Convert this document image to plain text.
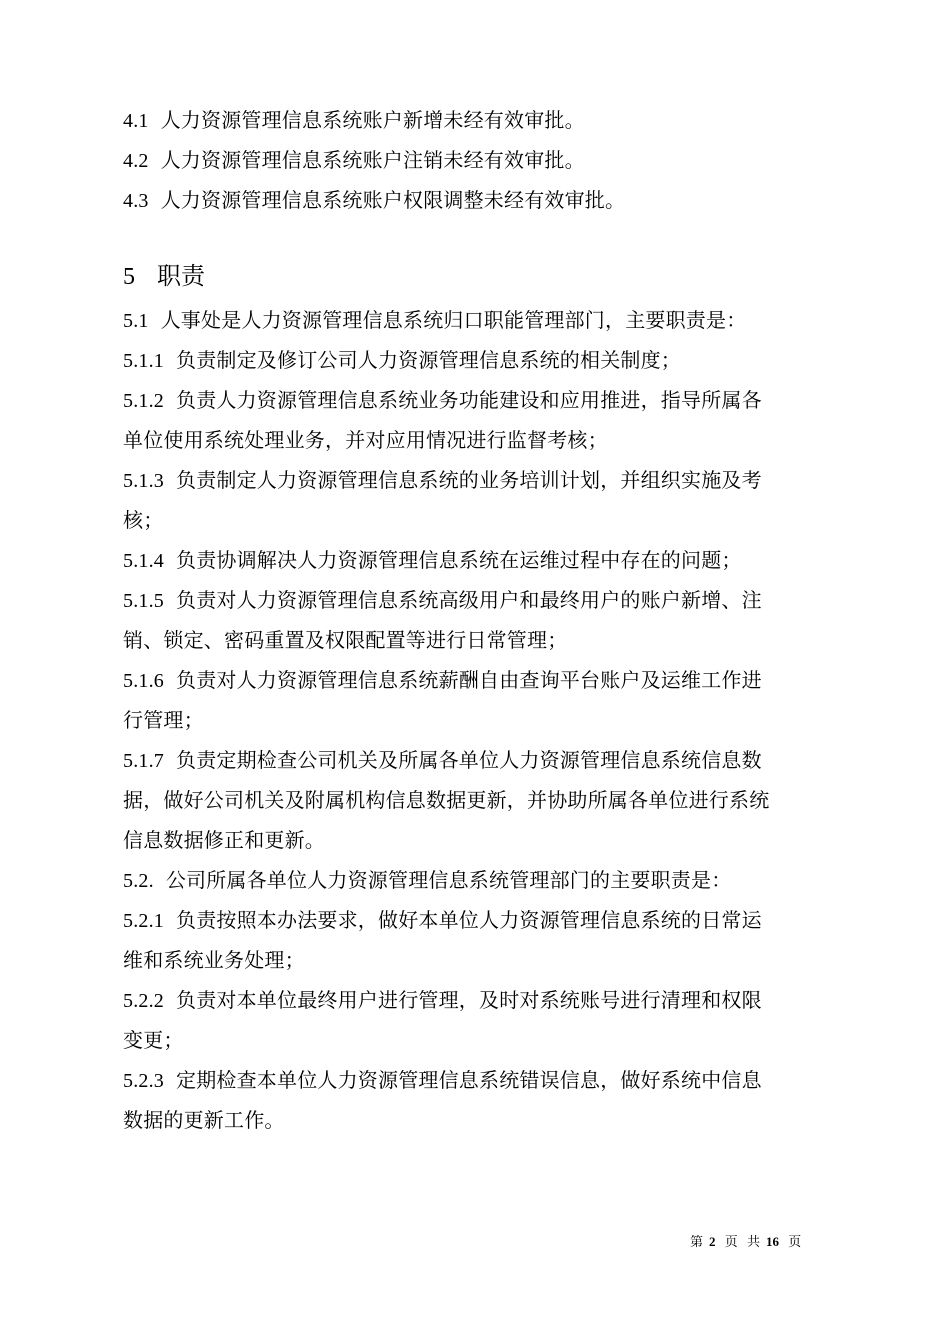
4.1 人力资源管理信息系统账户新增未经有效审批。
4.2 人力资源管理信息系统账户注销未经有效审批。
4.3 人力资源管理信息系统账户权限调整未经有效审批。
5 职责
5.1 人事处是人力资源管理信息系统归口职能管理部门，主要职责是：
5.1.1 负责制定及修订公司人力资源管理信息系统的相关制度；
5.1.2 负责人力资源管理信息系统业务功能建设和应用推进，指导所属各
单位使用系统处理业务，并对应用情况进行监督考核；
5.1.3 负责制定人力资源管理信息系统的业务培训计划，并组织实施及考
核；
5.1.4 负责协调解决人力资源管理信息系统在运维过程中存在的问题；
5.1.5 负责对人力资源管理信息系统高级用户和最终用户的账户新增、注
销、锁定、密码重置及权限配置等进行日常管理；
5.1.6 负责对人力资源管理信息系统薪酬自由查询平台账户及运维工作进
行管理；
5.1.7 负责定期检查公司机关及所属各单位人力资源管理信息系统信息数
据，做好公司机关及附属机构信息数据更新，并协助所属各单位进行系统
信息数据修正和更新。
5.2. 公司所属各单位人力资源管理信息系统管理部门的主要职责是：
5.2.1 负责按照本办法要求，做好本单位人力资源管理信息系统的日常运
维和系统业务处理；
5.2.2 负责对本单位最终用户进行管理，及时对系统账号进行清理和权限
变更；
5.2.3 定期检查本单位人力资源管理信息系统错误信息，做好系统中信息
数据的更新工作。
第 2 页 共 16 页
